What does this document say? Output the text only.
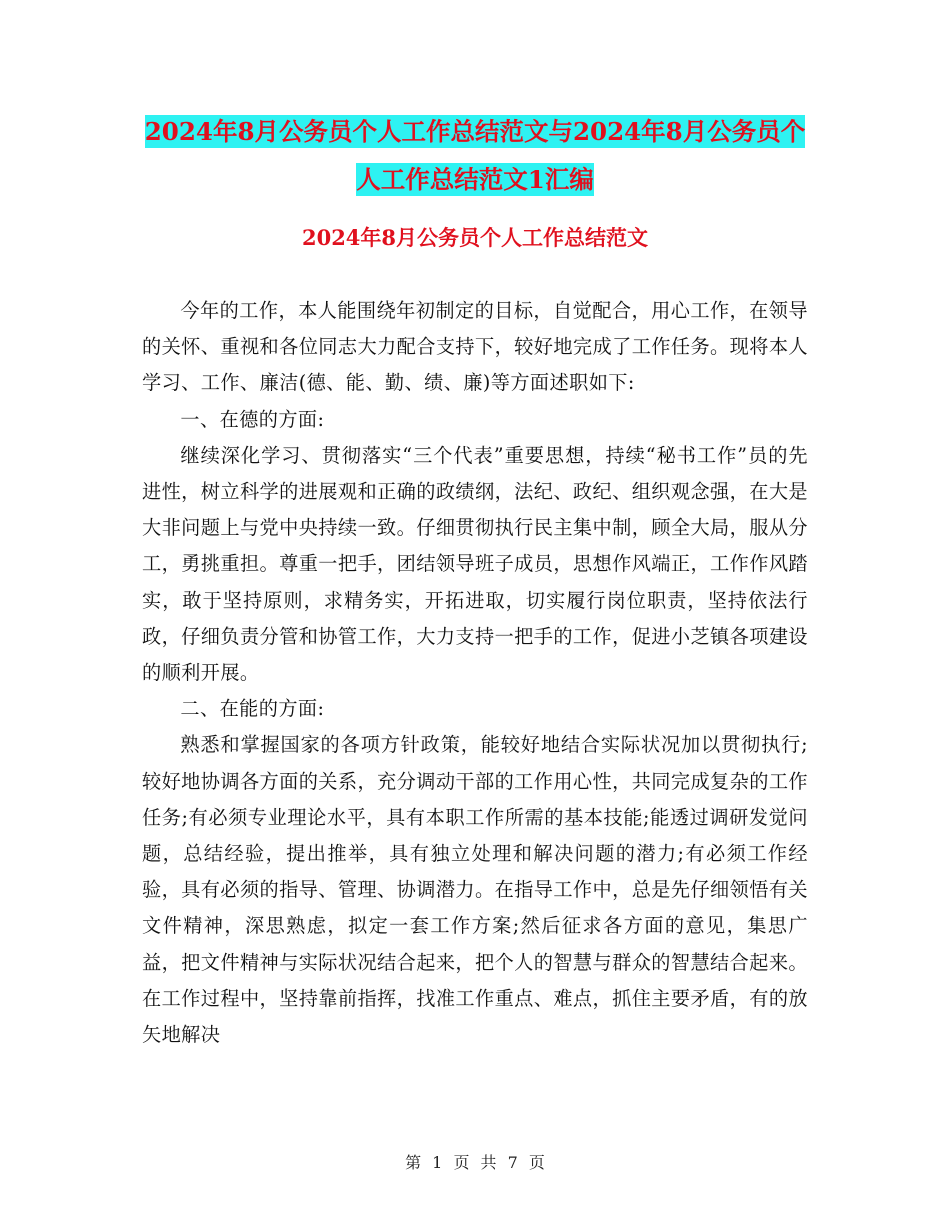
2024年8月公务员个人工作总结范文与2024年8月公务员个人工作总结范文1汇编
2024年8月公务员个人工作总结范文

今年的工作，本人能围绕年初制定的目标，自觉配合，用心工作，在领导的关怀、重视和各位同志大力配合支持下，较好地完成了工作任务。现将本人学习、工作、廉洁(德、能、勤、绩、廉)等方面述职如下:

一、在德的方面:

继续深化学习、贯彻落实“三个代表”重要思想，持续“秘书工作”员的先进性，树立科学的进展观和正确的政绩纲，法纪、政纪、组织观念强，在大是大非问题上与党中央持续一致。仔细贯彻执行民主集中制，顾全大局，服从分工，勇挑重担。尊重一把手，团结领导班子成员，思想作风端正，工作作风踏实，敢于坚持原则，求精务实，开拓进取，切实履行岗位职责，坚持依法行政，仔细负责分管和协管工作，大力支持一把手的工作，促进小芝镇各项建设的顺利开展。

二、在能的方面:

熟悉和掌握国家的各项方针政策，能较好地结合实际状况加以贯彻执行;较好地协调各方面的关系，充分调动干部的工作用心性，共同完成复杂的工作任务;有必须专业理论水平，具有本职工作所需的基本技能;能透过调研发觉问题，总结经验，提出推举，具有独立处理和解决问题的潜力;有必须工作经验，具有必须的指导、管理、协调潜力。在指导工作中，总是先仔细领悟有关文件精神，深思熟虑，拟定一套工作方案;然后征求各方面的意见，集思广益，把文件精神与实际状况结合起来，把个人的智慧与群众的智慧结合起来。在工作过程中，坚持靠前指挥，找准工作重点、难点，抓住主要矛盾，有的放矢地解决

第 1 页 共 7 页
